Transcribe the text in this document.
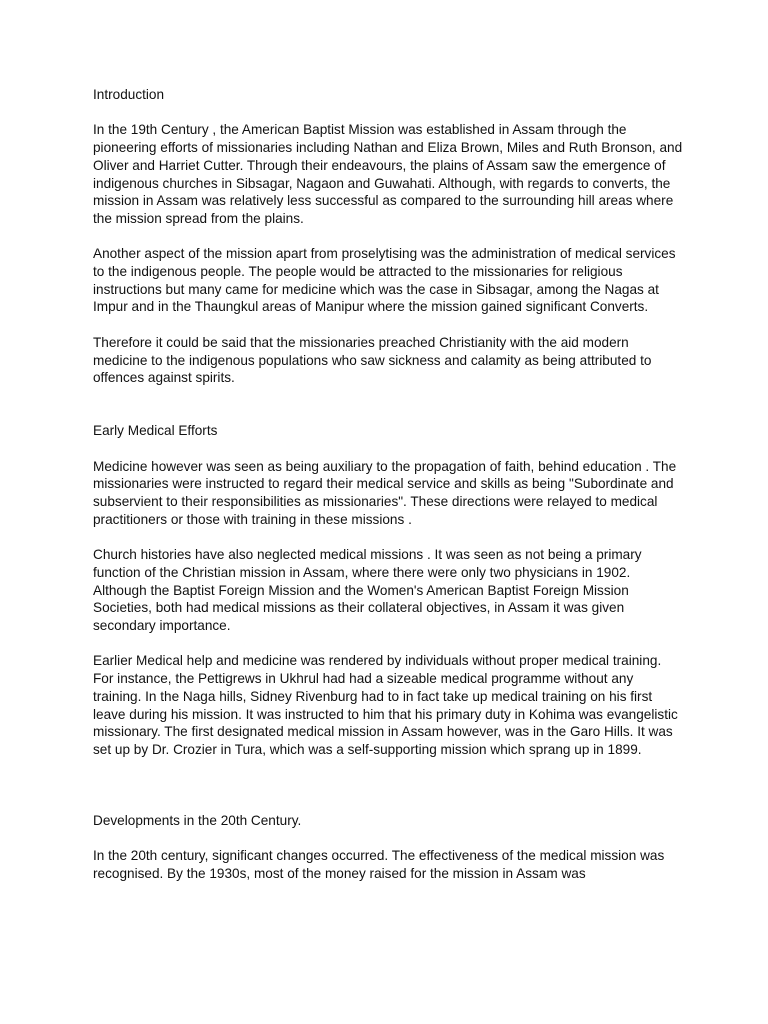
Introduction

In the 19th Century , the American Baptist Mission was established in Assam through the pioneering efforts of missionaries including Nathan and Eliza Brown, Miles and Ruth Bronson, and Oliver and Harriet Cutter. Through their endeavours, the plains of Assam saw the emergence of indigenous churches in Sibsagar, Nagaon and Guwahati. Although, with regards to converts, the mission in Assam was relatively less successful as compared to the surrounding hill areas where the mission spread from the plains.

Another aspect of the mission apart from proselytising was the administration of medical services to the indigenous people. The people would be attracted to the missionaries for religious instructions but many came for medicine which was the case in Sibsagar, among the Nagas at Impur and in the Thaungkul areas of Manipur where the mission gained significant Converts.

Therefore it could be said that the missionaries preached Christianity with the aid modern medicine to the indigenous populations who saw sickness and calamity as being attributed to offences against spirits.

Early Medical Efforts

Medicine however was seen as being auxiliary to the propagation of faith, behind education . The missionaries were instructed to regard their medical service and skills as being "Subordinate and subservient to their responsibilities as missionaries". These directions were relayed to medical practitioners or those with training in these missions .

Church histories have also neglected medical missions . It was seen as not being a primary function of the Christian mission in Assam, where there were only two physicians in 1902. Although the Baptist Foreign Mission and the Women's American Baptist Foreign Mission Societies, both had medical missions as their collateral objectives, in Assam it was given secondary importance.

Earlier Medical help and medicine was rendered by individuals without proper medical training. For instance, the Pettigrews in Ukhrul had had a sizeable medical programme without any training. In the Naga hills, Sidney Rivenburg had to in fact take up medical training on his first leave during his mission. It was instructed to him that his primary duty in Kohima was evangelistic missionary. The first designated medical mission in Assam however, was in the Garo Hills. It was set up by Dr. Crozier in Tura, which was a self-supporting mission which sprang up in 1899.

Developments in the 20th Century.

In the 20th century, significant changes occurred. The effectiveness of the medical mission was recognised. By the 1930s, most of the money raised for the mission in Assam was
